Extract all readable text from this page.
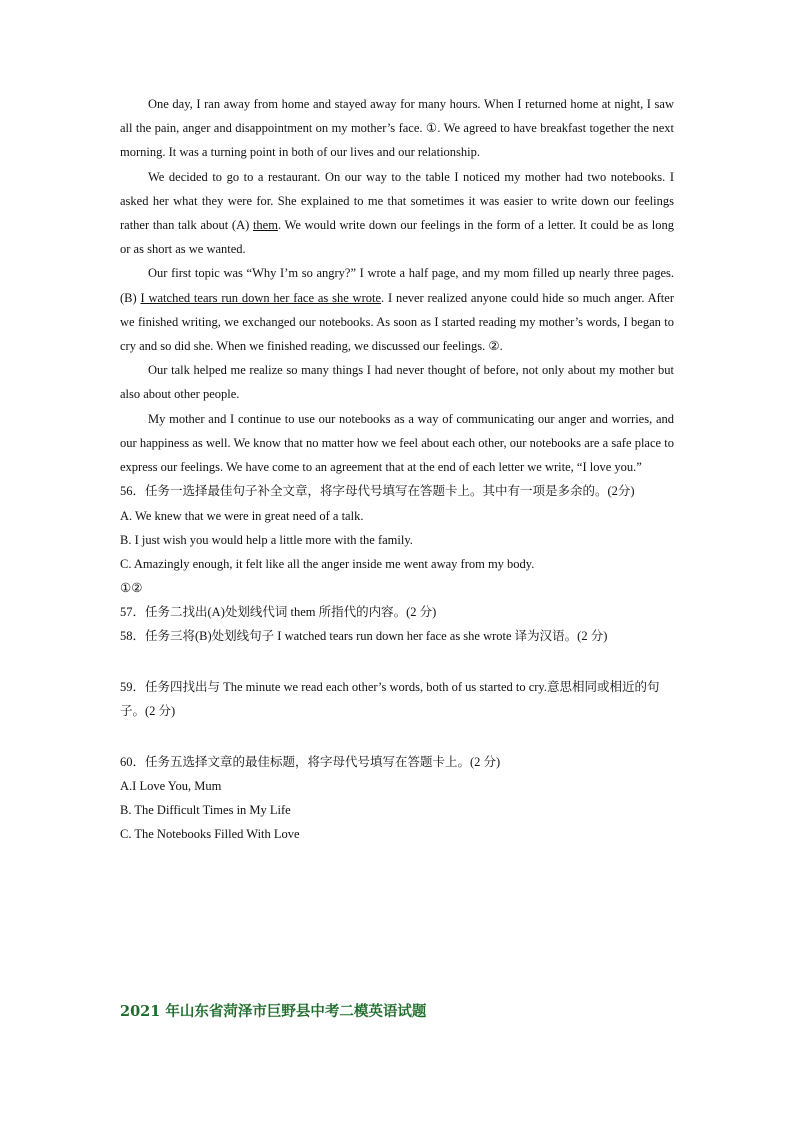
One day, I ran away from home and stayed away for many hours. When I returned home at night, I saw all the pain, anger and disappointment on my mother’s face. ①. We agreed to have breakfast together the next morning. It was a turning point in both of our lives and our relationship.

We decided to go to a restaurant. On our way to the table I noticed my mother had two notebooks. I asked her what they were for. She explained to me that sometimes it was easier to write down our feelings rather than talk about (A) them. We would write down our feelings in the form of a letter. It could be as long or as short as we wanted.

Our first topic was “Why I’m so angry?” I wrote a half page, and my mom filled up nearly three pages. (B) I watched tears run down her face as she wrote. I never realized anyone could hide so much anger. After we finished writing, we exchanged our notebooks. As soon as I started reading my mother’s words, I began to cry and so did she. When we finished reading, we discussed our feelings. ②.

Our talk helped me realize so many things I had never thought of before, not only about my mother but also about other people.

My mother and I continue to use our notebooks as a way of communicating our anger and worries, and our happiness as well. We know that no matter how we feel about each other, our notebooks are a safe place to express our feelings. We have come to an agreement that at the end of each letter we write, “I love you.”

56．任务一选择最佳句子补全文章，将字母代号填写在答题卡上。其中有一项是多余的。(2分)

A. We knew that we were in great need of a talk.

B. I just wish you would help a little more with the family.

C. Amazingly enough, it felt like all the anger inside me went away from my body.

①②

57．任务二找出(A)处划线代词 them 所指代的内容。(2 分)

58．任务三将(B)处划线句子 I watched tears run down her face as she wrote 译为汉语。(2 分)

59．任务四找出与 The minute we read each other’s words, both of us started to cry.意思相同或相近的句子。(2 分)

60．任务五选择文章的最佳标题，将字母代号填写在答题卡上。(2 分)

A.I Love You, Mum

B. The Difficult Times in My Life

C. The Notebooks Filled With Love

2021 年山东省菏泽市巨野县中考二模英语试题
